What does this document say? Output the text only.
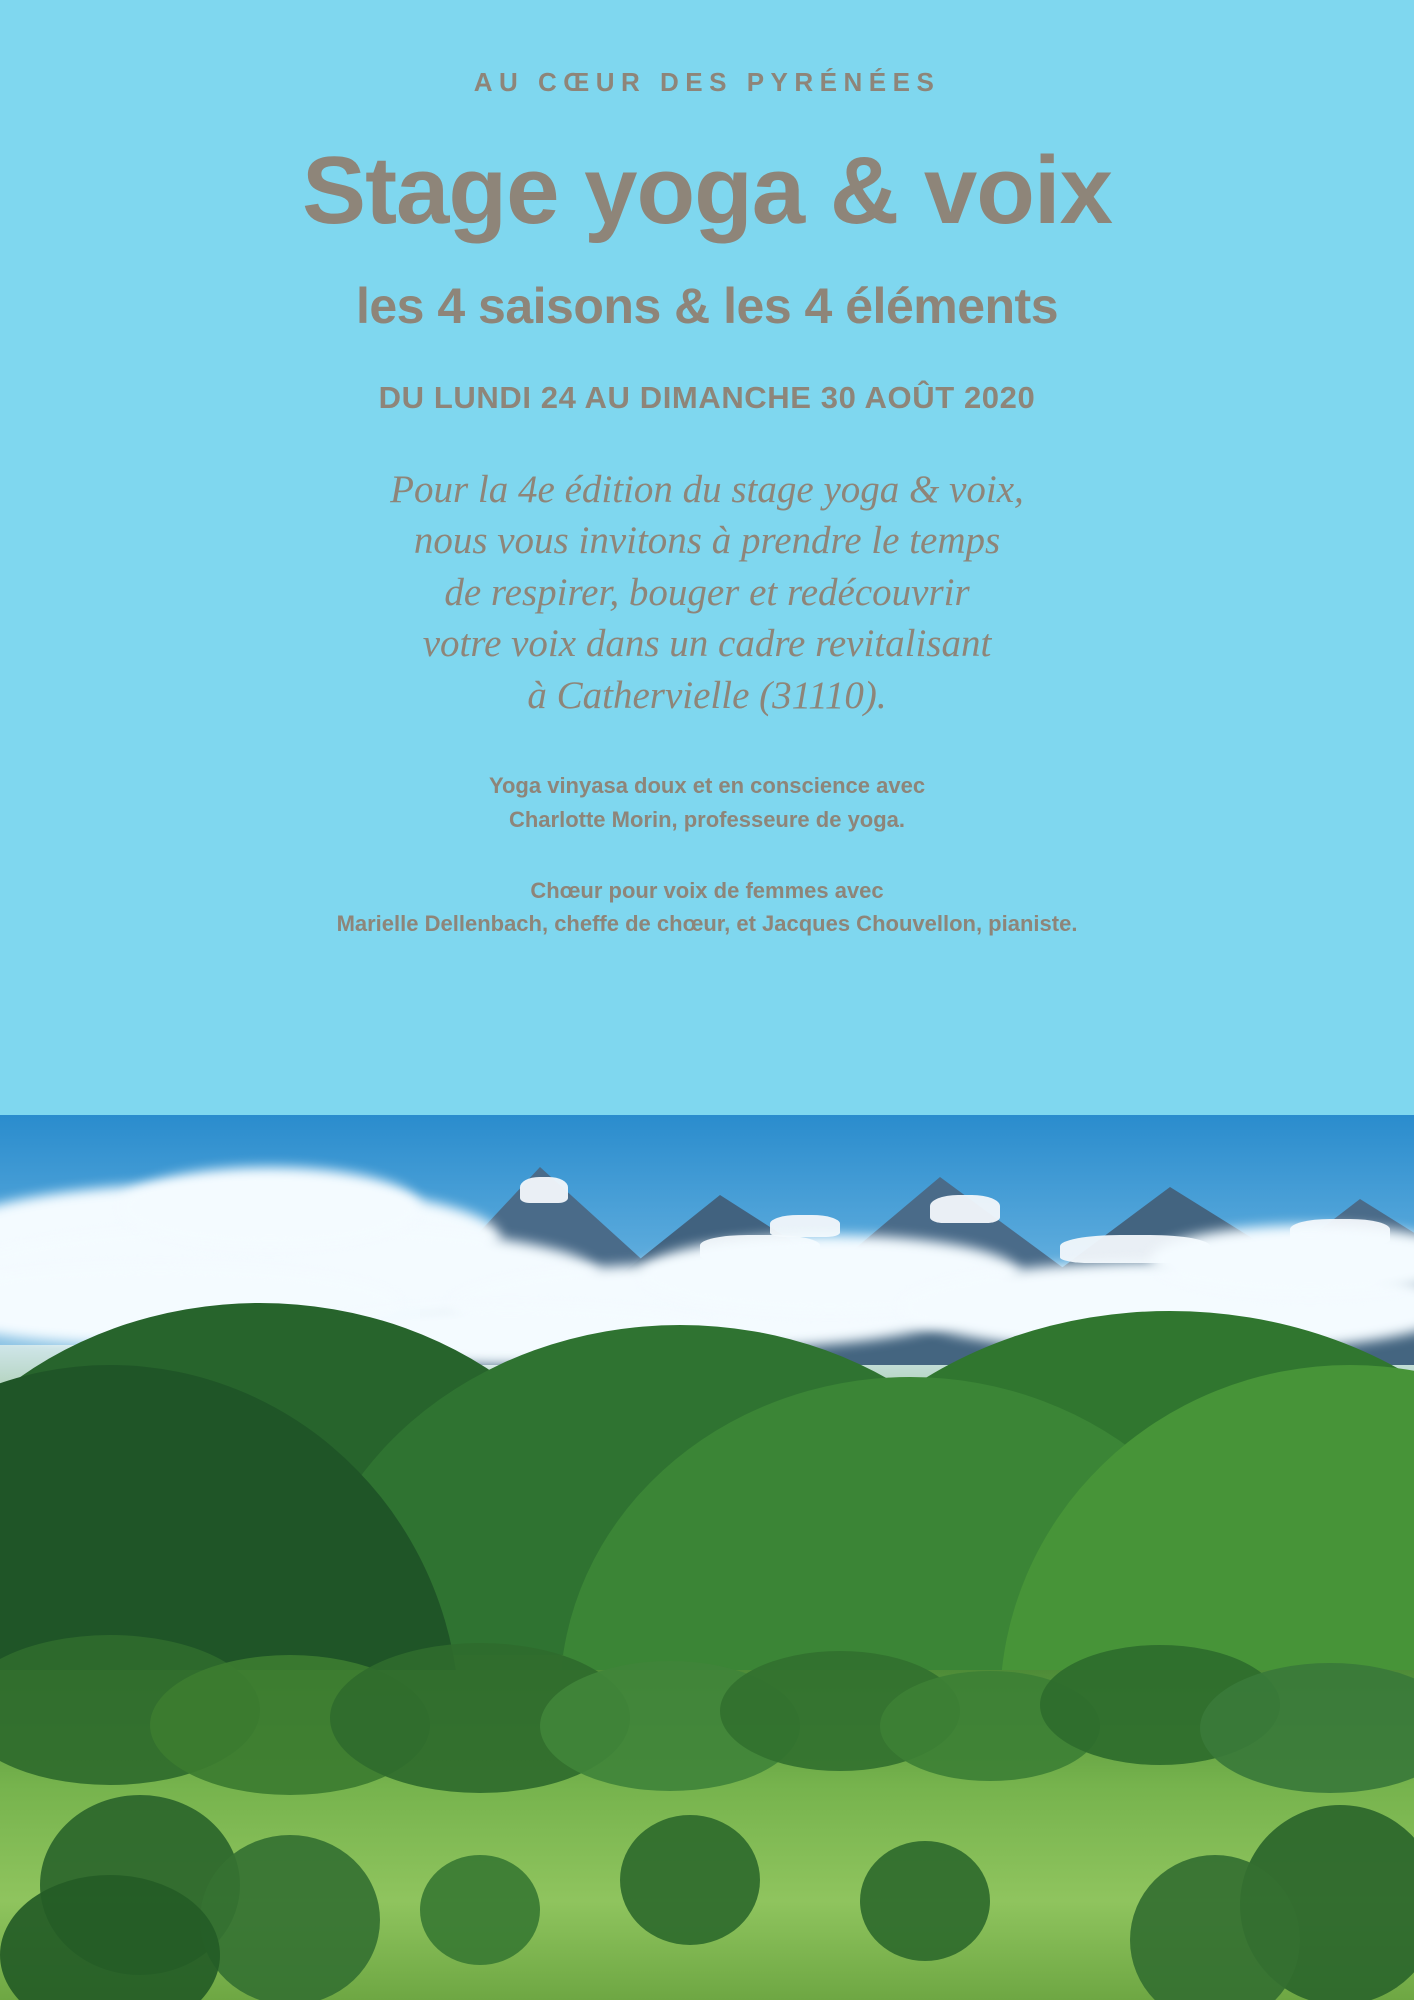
AU CŒUR DES PYRÉNÉES

Stage yoga & voix
les 4 saisons & les 4 éléments

DU LUNDI 24 AU DIMANCHE 30 AOÛT 2020

Pour la 4e édition du stage yoga & voix,
nous vous invitons à prendre le temps
de respirer, bouger et redécouvrir
votre voix dans un cadre revitalisant
à Cathervielle (31110).

Yoga vinyasa doux et en conscience avec
Charlotte Morin, professeure de yoga.

Chœur pour voix de femmes avec
Marielle Dellenbach, cheffe de chœur, et Jacques Chouvellon, pianiste.
